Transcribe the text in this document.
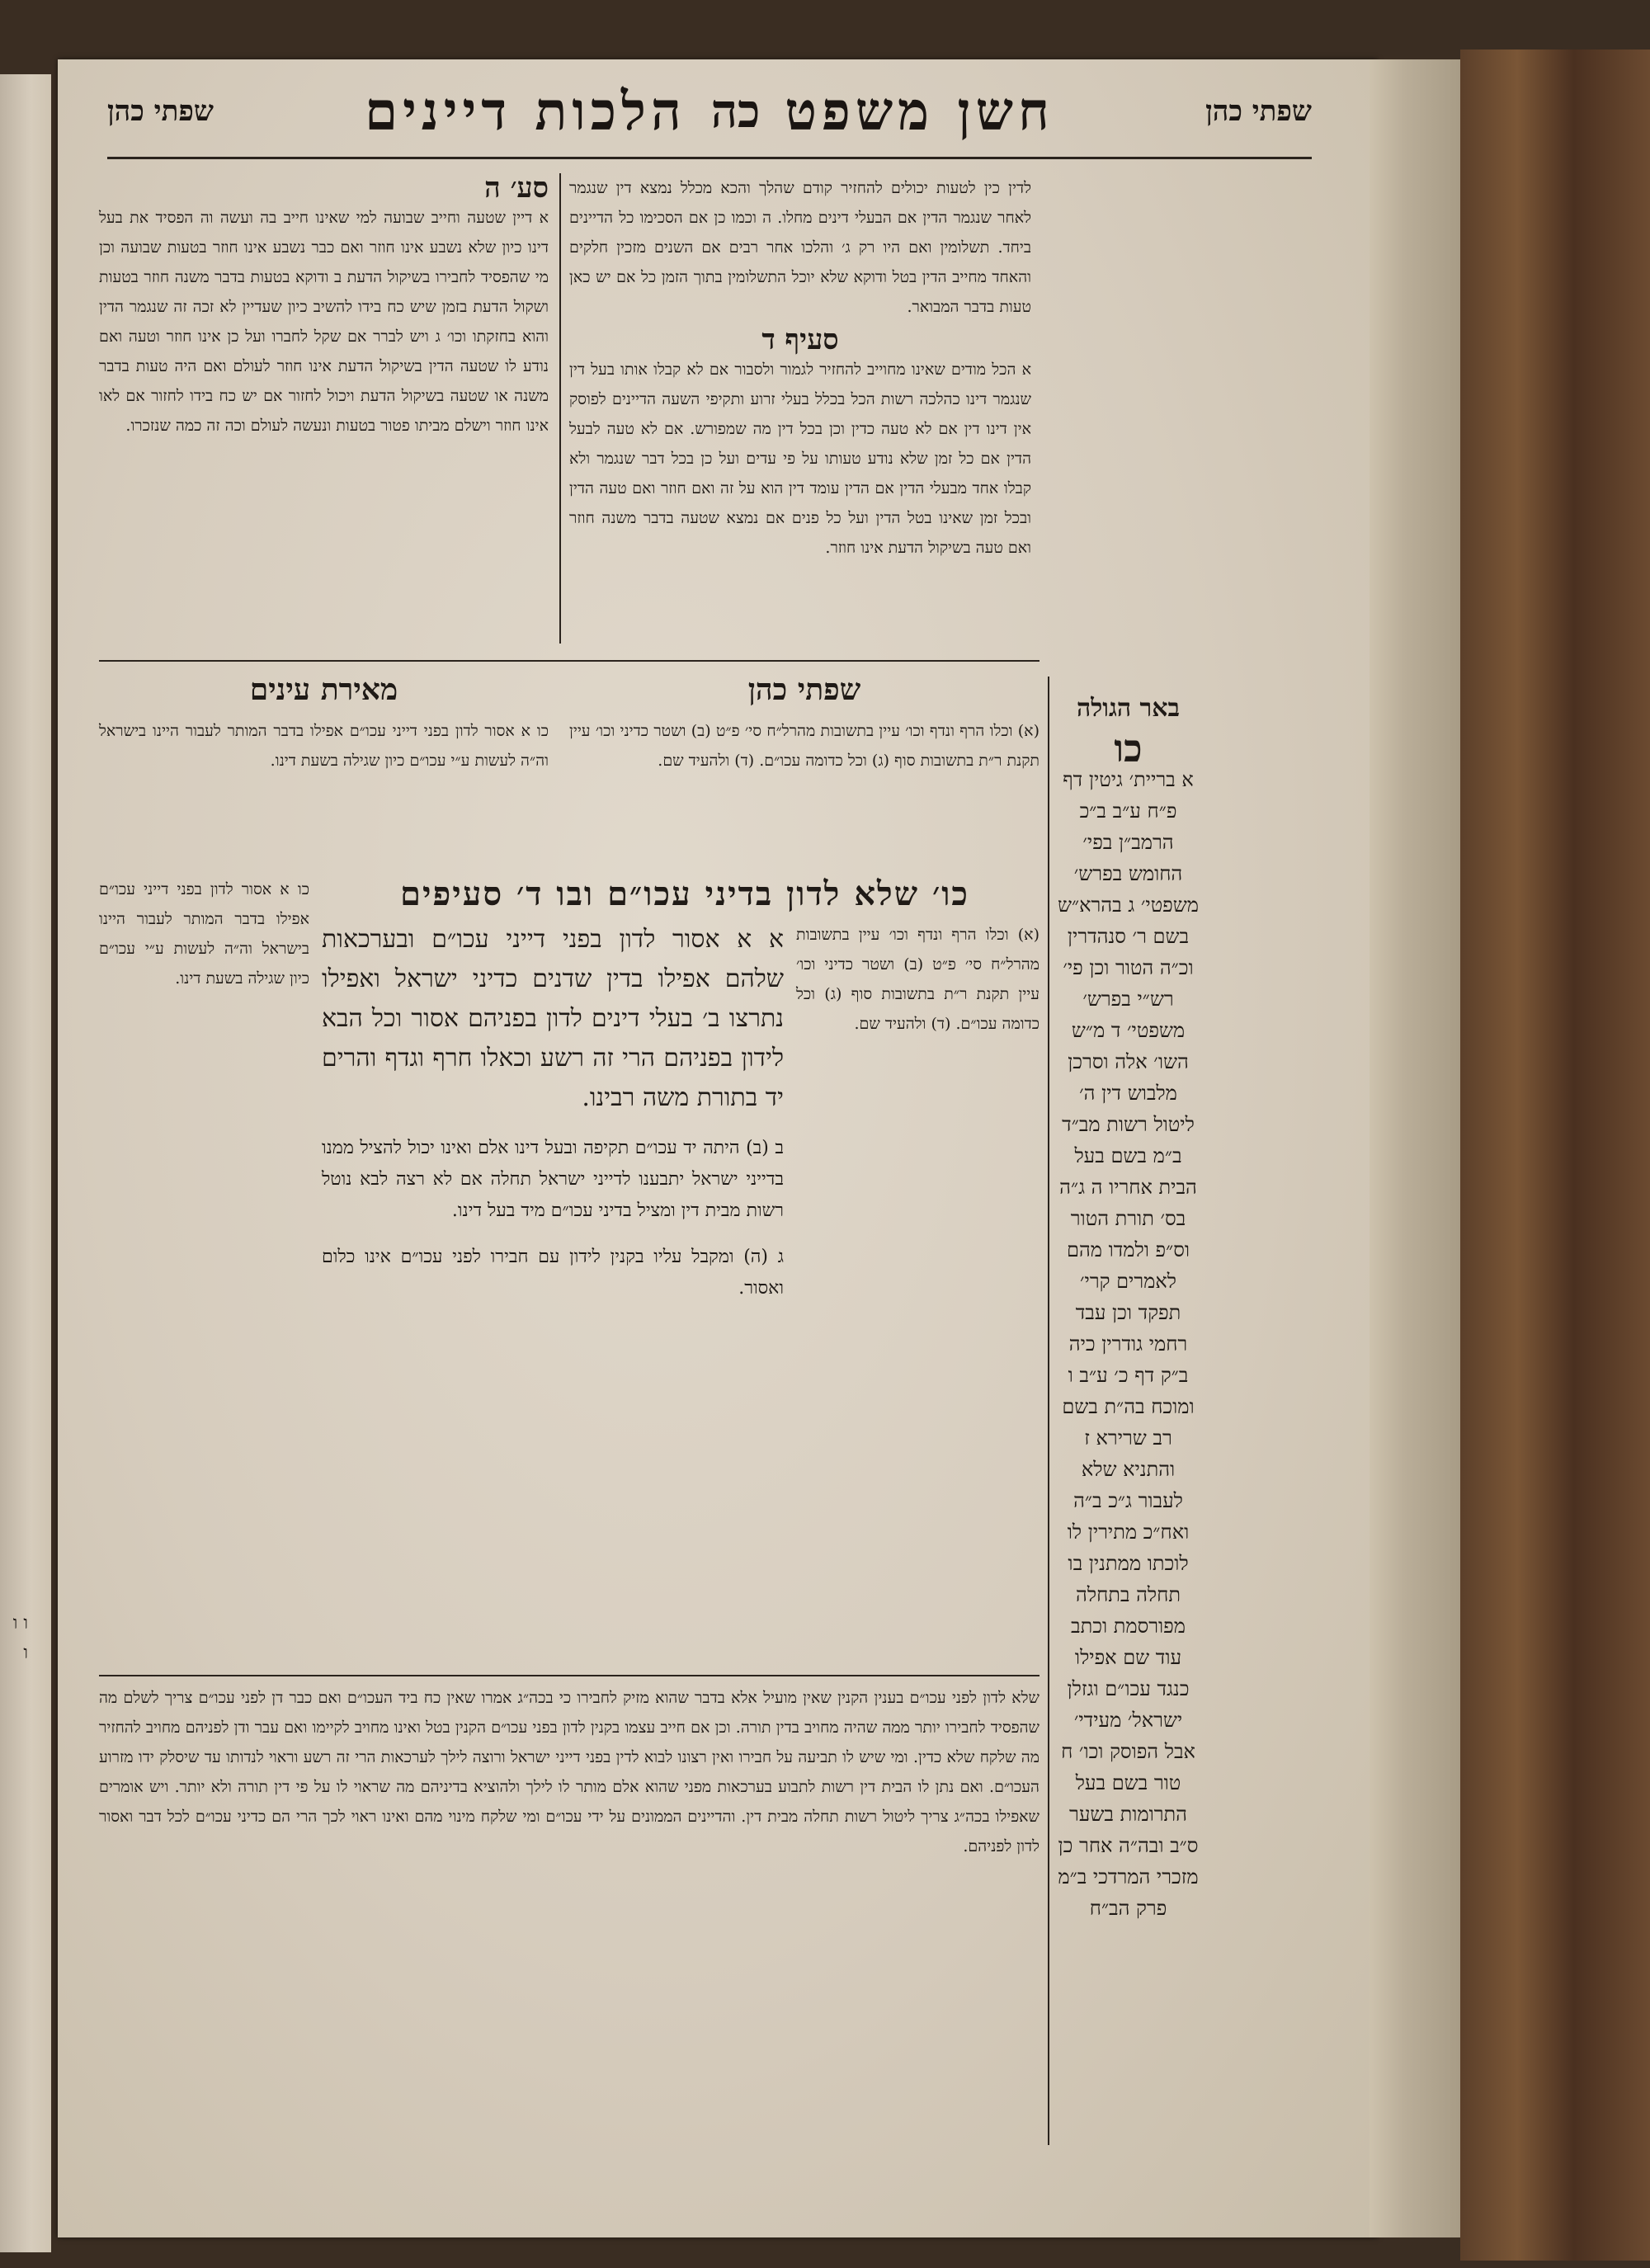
ו ו ו
שפתי כהן
חשן משפט
כה
הלכות דיינים
שפתי כהן

לדין כין לטעות יכולים להחזיר קודם שהלך והכא מכלל נמצא דין שנגמר לאחר שנגמר הדין אם הבעלי דינים מחלו. ה וכמו כן אם הסכימו כל הדיינים ביחד. תשלומין ואם היו רק ג׳ והלכו אחר רבים אם השנים מזכין חלקים והאחד מחייב הדין בטל ודוקא שלא יוכל התשלומין בתוך הזמן כל אם יש כאן טעות בדבר המבואר.

סעיף ד

א הכל מודים שאינו מחוייב להחזיר לגמור ולסבור אם לא קבלו אותו בעל דין שנגמר דינו כהלכה רשות הכל בכלל בעלי זרוע ותקיפי השעה הדיינים לפוסק אין דינו דין אם לא טעה כדין וכן בכל דין מה שמפורש. אם לא טעה לבעל הדין אם כל זמן שלא נודע טעותו על פי עדים ועל כן בכל דבר שנגמר ולא קבלו אחד מבעלי הדין אם הדין עומד דין הוא על זה ואם חוזר ואם טעה הדין ובכל זמן שאינו בטל הדין ועל כל פנים אם נמצא שטעה בדבר משנה חוזר ואם טעה בשיקול הדעת אינו חוזר.

סע׳ ה

א דיין שטעה וחייב שבועה למי שאינו חייב בה ועשה וה הפסיד את בעל דינו כיון שלא נשבע אינו חוזר ואם כבר נשבע אינו חוזר בטעות שבועה וכן מי שהפסיד לחבירו בשיקול הדעת ב ודוקא בטעות בדבר משנה חוזר בטעות ושקול הדעת בזמן שיש כח בידו להשיב כיון שעדיין לא זכה זה שנגמר הדין והוא בחזקתו וכו׳ ג ויש לברר אם שקל לחברו ועל כן אינו חוזר וטעה ואם נודע לו שטעה הדין בשיקול הדעת אינו חוזר לעולם ואם היה טעות בדבר משנה או שטעה בשיקול הדעת ויכול לחזור אם יש כח בידו לחזור אם לאו אינו חוזר וישלם מביתו פטור בטעות ונעשה לעולם וכה זה כמה שנזכרו.

שפתי כהן

(א) וכלו הרף ונדף וכו׳ עיין בתשובות מהרל״ח סי׳ פ״ט (ב) ושטר כדיני וכו׳ עיין תקנת ר״ת בתשובות סוף (ג) וכל כדומה עכו״ם. (ד) ולהעיד שם.

מאירת עינים

כו א אסור לדון בפני דייני עכו״ם אפילו בדבר המותר לעבור היינו בישראל וה״ה לעשות ע״י עכו״ם כיון שגילה בשעת דינו.

כו׳ שלא לדון בדיני עכו״ם ובו ד׳ סעיפים

א א אסור לדון בפני דייני עכו״ם ובערכאות שלהם אפילו בדין שדנים כדיני ישראל ואפילו נתרצו ב׳ בעלי דינים לדון בפניהם אסור וכל הבא לידון בפניהם הרי זה רשע וכאלו חרף וגדף והרים יד בתורת משה רבינו.

ב (ב) היתה יד עכו״ם תקיפה ובעל דינו אלם ואינו יכול להציל ממנו בדייני ישראל יתבענו לדייני ישראל תחלה אם לא רצה לבא נוטל רשות מבית דין ומציל בדיני עכו״ם מיד בעל דינו.

ג (ה) ומקבל עליו בקנין לידון עם חבירו לפני עכו״ם אינו כלום ואסור.

(א) וכלו הרף ונדף וכו׳ עיין בתשובות מהרל״ח סי׳ פ״ט (ב) ושטר כדיני וכו׳ עיין תקנת ר״ת בתשובות סוף (ג) וכל כדומה עכו״ם. (ד) ולהעיד שם.

כו א אסור לדון בפני דייני עכו״ם אפילו בדבר המותר לעבור היינו בישראל וה״ה לעשות ע״י עכו״ם כיון שגילה בשעת דינו.

שלא לדון לפני עכו״ם בענין הקנין שאין מועיל אלא בדבר שהוא מזיק לחבירו כי בכה״ג אמרו שאין כח ביד העכו״ם ואם כבר דן לפני עכו״ם צריך לשלם מה שהפסיד לחבירו יותר ממה שהיה מחויב בדין תורה. וכן אם חייב עצמו בקנין לדון בפני עכו״ם הקנין בטל ואינו מחויב לקיימו ואם עבר ודן לפניהם מחויב להחזיר מה שלקח שלא כדין. ומי שיש לו תביעה על חבירו ואין רצונו לבוא לדין בפני דייני ישראל ורוצה לילך לערכאות הרי זה רשע וראוי לנדותו עד שיסלק ידו מזרוע העכו״ם. ואם נתן לו הבית דין רשות לתבוע בערכאות מפני שהוא אלם מותר לו לילך ולהוציא בדיניהם מה שראוי לו על פי דין תורה ולא יותר. ויש אומרים שאפילו בכה״ג צריך ליטול רשות תחלה מבית דין. והדיינים הממונים על ידי עכו״ם ומי שלקח מינוי מהם ואינו ראוי לכך הרי הם כדיני עכו״ם לכל דבר ואסור לדון לפניהם.

באר הגולה
כו
א בריית׳ גיטין דף פ״ח ע״ב ב״כ הרמב״ן בפי׳ החומש בפרש׳ משפטי׳ ג בהרא״ש בשם ר׳ סנהדרין וכ״ה הטור וכן פי׳ רש״י בפרש׳ משפטי׳ ד מ״ש השו׳ אלה וסרכן מלבוש דין ה׳ ליטול רשות מב״ד ב״מ בשם בעל הבית אחריו ה ג״ה בס׳ תורת הטור וס״פ ולמדו מהם לאמרים קרי׳ תפקד וכן עבד רחמי גודרין כיה ב״ק דף כ׳ ע״ב ו ומוכח בה״ת בשם רב שרירא ז והתניא שלא לעבור ג״כ ב״ה ואח״כ מתירין לו לוכתו ממתנין בו תחלה בתחלה מפורסמת וכתב עוד שם אפילו כנגד עכו״ם וגזלן ישראל׳ מעידי׳ אבל הפוסק וכו׳ ח טור בשם בעל התרומות בשער ס״ב ובה״ה אחר כן מזכרי המרדכי ב״מ פרק הב״ח
